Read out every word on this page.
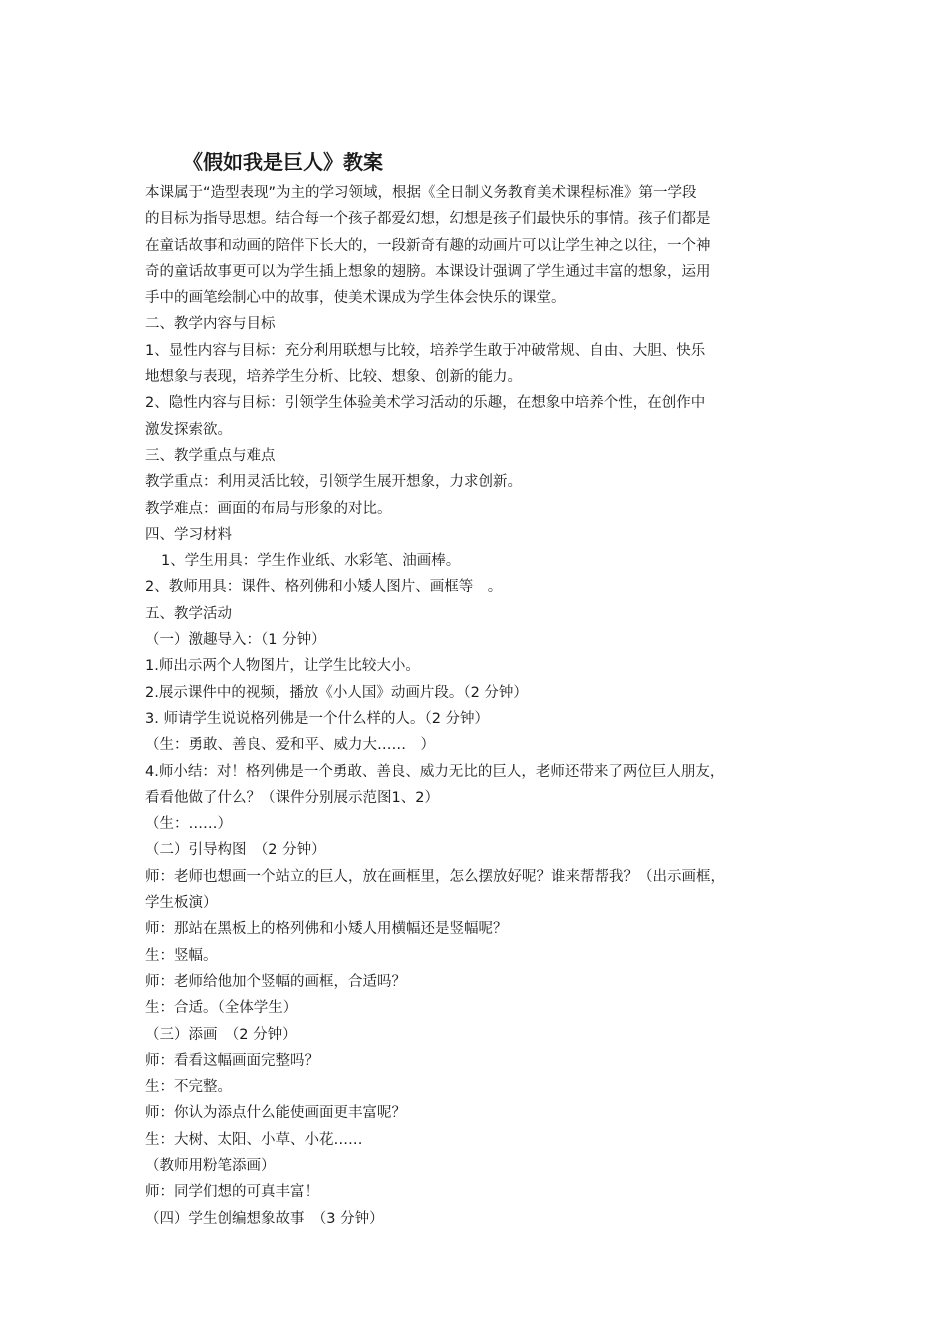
《假如我是巨人》教案
本课属于“造型表现”为主的学习领域，根据《全日制义务教育美术课程标准》第一学段
的目标为指导思想。结合每一个孩子都爱幻想，幻想是孩子们最快乐的事情。孩子们都是
在童话故事和动画的陪伴下长大的，一段新奇有趣的动画片可以让学生神之以往，一个神
奇的童话故事更可以为学生插上想象的翅膀。本课设计强调了学生通过丰富的想象，运用
手中的画笔绘制心中的故事，使美术课成为学生体会快乐的课堂。
二、教学内容与目标
1、显性内容与目标：充分利用联想与比较，培养学生敢于冲破常规、自由、大胆、快乐
地想象与表现，培养学生分析、比较、想象、创新的能力。
2、隐性内容与目标：引领学生体验美术学习活动的乐趣，在想象中培养个性，在创作中
激发探索欲。
三、教学重点与难点
教学重点：利用灵活比较，引领学生展开想象，力求创新。
教学难点：画面的布局与形象的对比。
四、学习材料
1、学生用具：学生作业纸、水彩笔、油画棒。
2、教师用具：课件、格列佛和小矮人图片、画框等　。
五、教学活动
（一）激趣导入：（1 分钟）
1.师出示两个人物图片，让学生比较大小。
2.展示课件中的视频，播放《小人国》动画片段。（2 分钟）
3. 师请学生说说格列佛是一个什么样的人。（2 分钟）
（生：勇敢、善良、爱和平、威力大……　）
4.师小结：对！格列佛是一个勇敢、善良、威力无比的巨人，老师还带来了两位巨人朋友，
看看他做了什么？（课件分别展示范图1、2）
（生：……）
（二）引导构图　（2 分钟）
师：老师也想画一个站立的巨人，放在画框里，怎么摆放好呢？谁来帮帮我？（出示画框，
学生板演）
师：那站在黑板上的格列佛和小矮人用横幅还是竖幅呢？
生：竖幅。
师：老师给他加个竖幅的画框，合适吗？
生：合适。（全体学生）
（三）添画　（2 分钟）
师：看看这幅画面完整吗？
生：不完整。
师：你认为添点什么能使画面更丰富呢？
生：大树、太阳、小草、小花……
（教师用粉笔添画）
师：同学们想的可真丰富！
（四）学生创编想象故事　（3 分钟）
